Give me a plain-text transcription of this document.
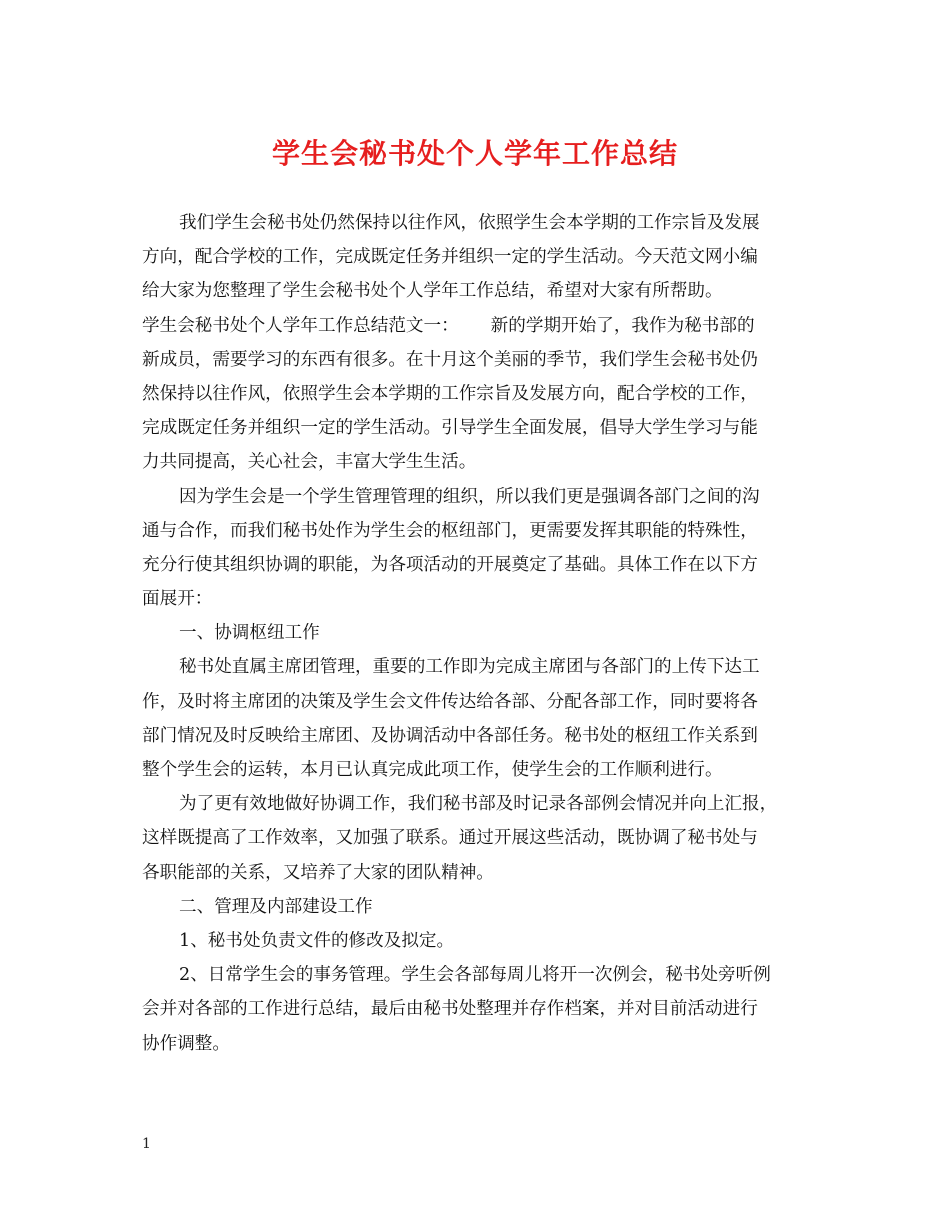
学生会秘书处个人学年工作总结
我们学生会秘书处仍然保持以往作风，依照学生会本学期的工作宗旨及发展
方向，配合学校的工作，完成既定任务并组织一定的学生活动。今天范文网小编
给大家为您整理了学生会秘书处个人学年工作总结，希望对大家有所帮助。
学生会秘书处个人学年工作总结范文一：　　 新的学期开始了，我作为秘书部的
新成员，需要学习的东西有很多。在十月这个美丽的季节，我们学生会秘书处仍
然保持以往作风，依照学生会本学期的工作宗旨及发展方向，配合学校的工作，
完成既定任务并组织一定的学生活动。引导学生全面发展，倡导大学生学习与能
力共同提高，关心社会，丰富大学生生活。
因为学生会是一个学生管理管理的组织，所以我们更是强调各部门之间的沟
通与合作，而我们秘书处作为学生会的枢纽部门，更需要发挥其职能的特殊性，
充分行使其组织协调的职能，为各项活动的开展奠定了基础。具体工作在以下方
面展开：
一、协调枢纽工作
秘书处直属主席团管理，重要的工作即为完成主席团与各部门的上传下达工
作，及时将主席团的决策及学生会文件传达给各部、分配各部工作，同时要将各
部门情况及时反映给主席团、及协调活动中各部任务。秘书处的枢纽工作关系到
整个学生会的运转，本月已认真完成此项工作，使学生会的工作顺利进行。
为了更有效地做好协调工作，我们秘书部及时记录各部例会情况并向上汇报，
这样既提高了工作效率，又加强了联系。通过开展这些活动，既协调了秘书处与
各职能部的关系，又培养了大家的团队精神。
二、管理及内部建设工作
1、秘书处负责文件的修改及拟定。
2、日常学生会的事务管理。学生会各部每周儿将开一次例会，秘书处旁听例
会并对各部的工作进行总结，最后由秘书处整理并存作档案，并对目前活动进行
协作调整。
1
